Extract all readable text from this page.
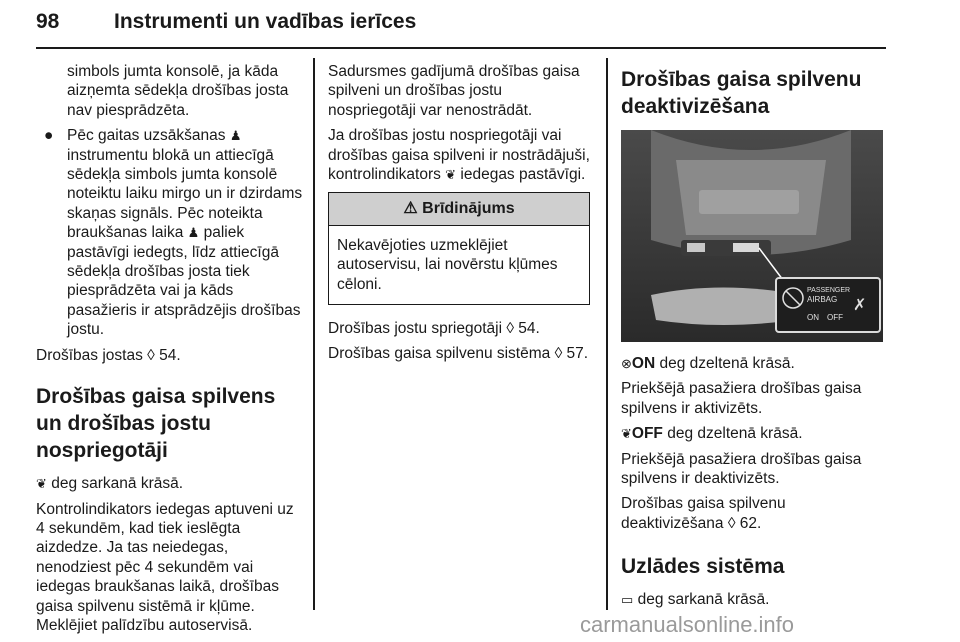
98	Instrumenti un vadības ierīces

simbols jumta konsolē, ja kāda aizņemta sēdekļa drošības josta nav piesprādzēta.

● Pēc gaitas uzsākšanas ♟ instrumentu blokā un attiecīgā sēdekļa simbols jumta konsolē noteiktu laiku mirgo un ir dzirdams skaņas signāls. Pēc noteikta braukšanas laika ♟ paliek pastāvīgi iedegts, līdz attiecīgā sēdekļa drošības josta tiek piesprādzēta vai ja kāds pasažieris ir atsprādzējis drošības jostu.

Drošības jostas ◊ 54.

Drošības gaisa spilvens un drošības jostu nospriegotāji

❦ deg sarkanā krāsā.

Kontrolindikators iedegas aptuveni uz 4 sekundēm, kad tiek ieslēgta aizdedze. Ja tas neiedegas, nenodziest pēc 4 sekundēm vai iedegas braukšanas laikā, drošības gaisa spilvenu sistēmā ir kļūme. Meklējiet palīdzību autoservisā.

Sadursmes gadījumā drošības gaisa spilveni un drošības jostu nospriegotāji var nenostrādāt.

Ja drošības jostu nospriegotāji vai drošības gaisa spilveni ir nostrādājuši, kontrolindikators ❦ iedegas pastāvīgi.

⚠ Brīdinājums
Nekavējoties uzmeklējiet autoservisu, lai novērstu kļūmes cēloni.

Drošības jostu spriegotāji ◊ 54.

Drošības gaisa spilvenu sistēma ◊ 57.

Drošības gaisa spilvenu deaktivizēšana
PASSENGER
AIRBAG
ON OFF
✗

⊗ON deg dzeltenā krāsā.

Priekšējā pasažiera drošības gaisa spilvens ir aktivizēts.

❦OFF deg dzeltenā krāsā.

Priekšējā pasažiera drošības gaisa spilvens ir deaktivizēts.

Drošības gaisa spilvenu deaktivizēšana ◊ 62.

Uzlādes sistēma

▭ deg sarkanā krāsā.

carmanualsonline.info
